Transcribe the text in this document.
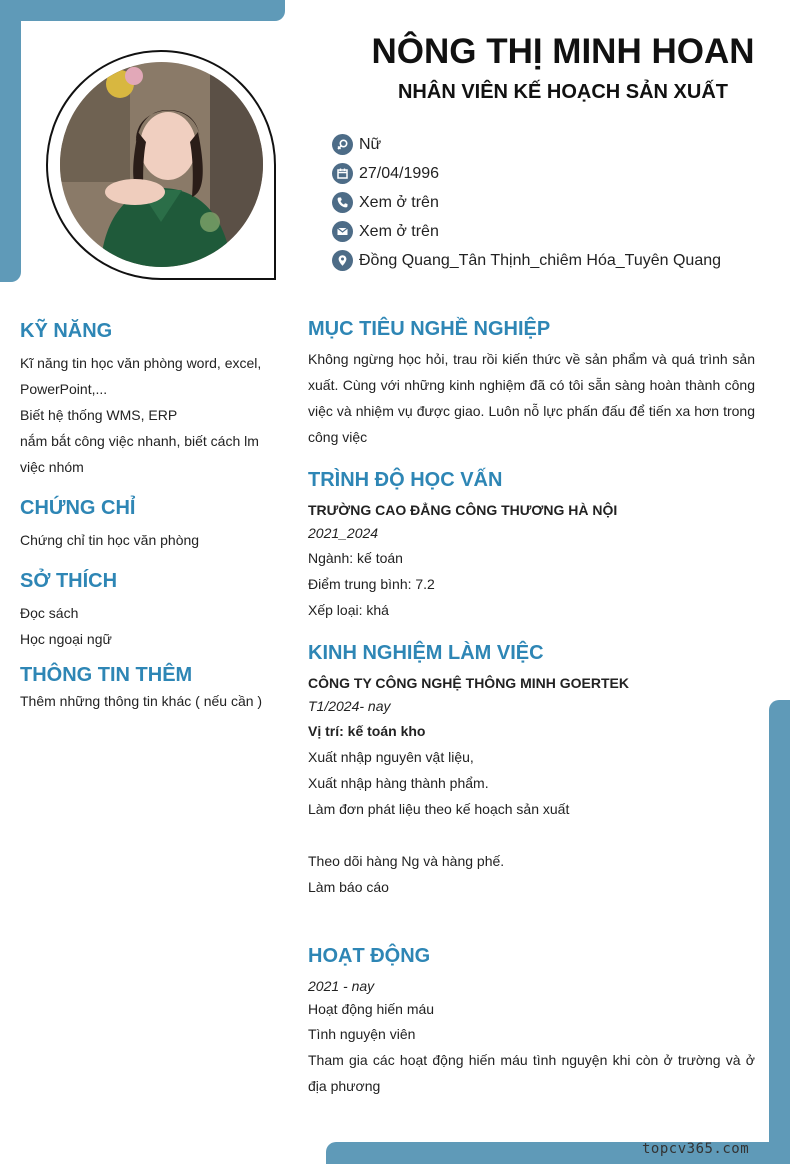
NÔNG THỊ MINH HOAN
NHÂN VIÊN KẾ HOẠCH SẢN XUẤT
Nữ
27/04/1996
Xem ở trên
Xem ở trên
Đồng Quang_Tân Thịnh_chiêm Hóa_Tuyên Quang
KỸ NĂNG
Kĩ năng tin học văn phòng word, excel, PowerPoint,...
Biết hệ thống WMS, ERP
nắm bắt công việc nhanh, biết cách lm việc nhóm
CHỨNG CHỈ
Chứng chỉ tin học văn phòng
SỞ THÍCH
Đọc sách
Học ngoại ngữ
THÔNG TIN THÊM
Thêm những thông tin khác ( nếu cần )
MỤC TIÊU NGHỀ NGHIỆP
Không ngừng học hỏi, trau rồi kiến thức về sản phẩm và quá trình sản xuất. Cùng với những kinh nghiệm đã có tôi sẵn sàng hoàn thành công việc và nhiệm vụ được giao. Luôn nỗ lực phấn đấu để tiến xa hơn trong công việc
TRÌNH ĐỘ HỌC VẤN
TRƯỜNG CAO ĐẲNG CÔNG THƯƠNG HÀ NỘI
2021_2024
Ngành: kế toán
Điểm trung bình: 7.2
Xếp loại: khá
KINH NGHIỆM LÀM VIỆC
CÔNG TY CÔNG NGHỆ THÔNG MINH GOERTEK
T1/2024- nay
Vị trí: kế toán kho
Xuất nhập nguyên vật liệu,
Xuất nhập hàng thành phẩm.
Làm đơn phát liệu theo kế hoạch sản xuất
Theo dõi hàng Ng và hàng phế.
Làm báo cáo
HOẠT ĐỘNG
2021 - nay
Hoạt động hiến máu
Tình nguyện viên
Tham gia các hoạt động hiến máu tình nguyện khi còn ở trường và ở địa phương
topcv365.com
